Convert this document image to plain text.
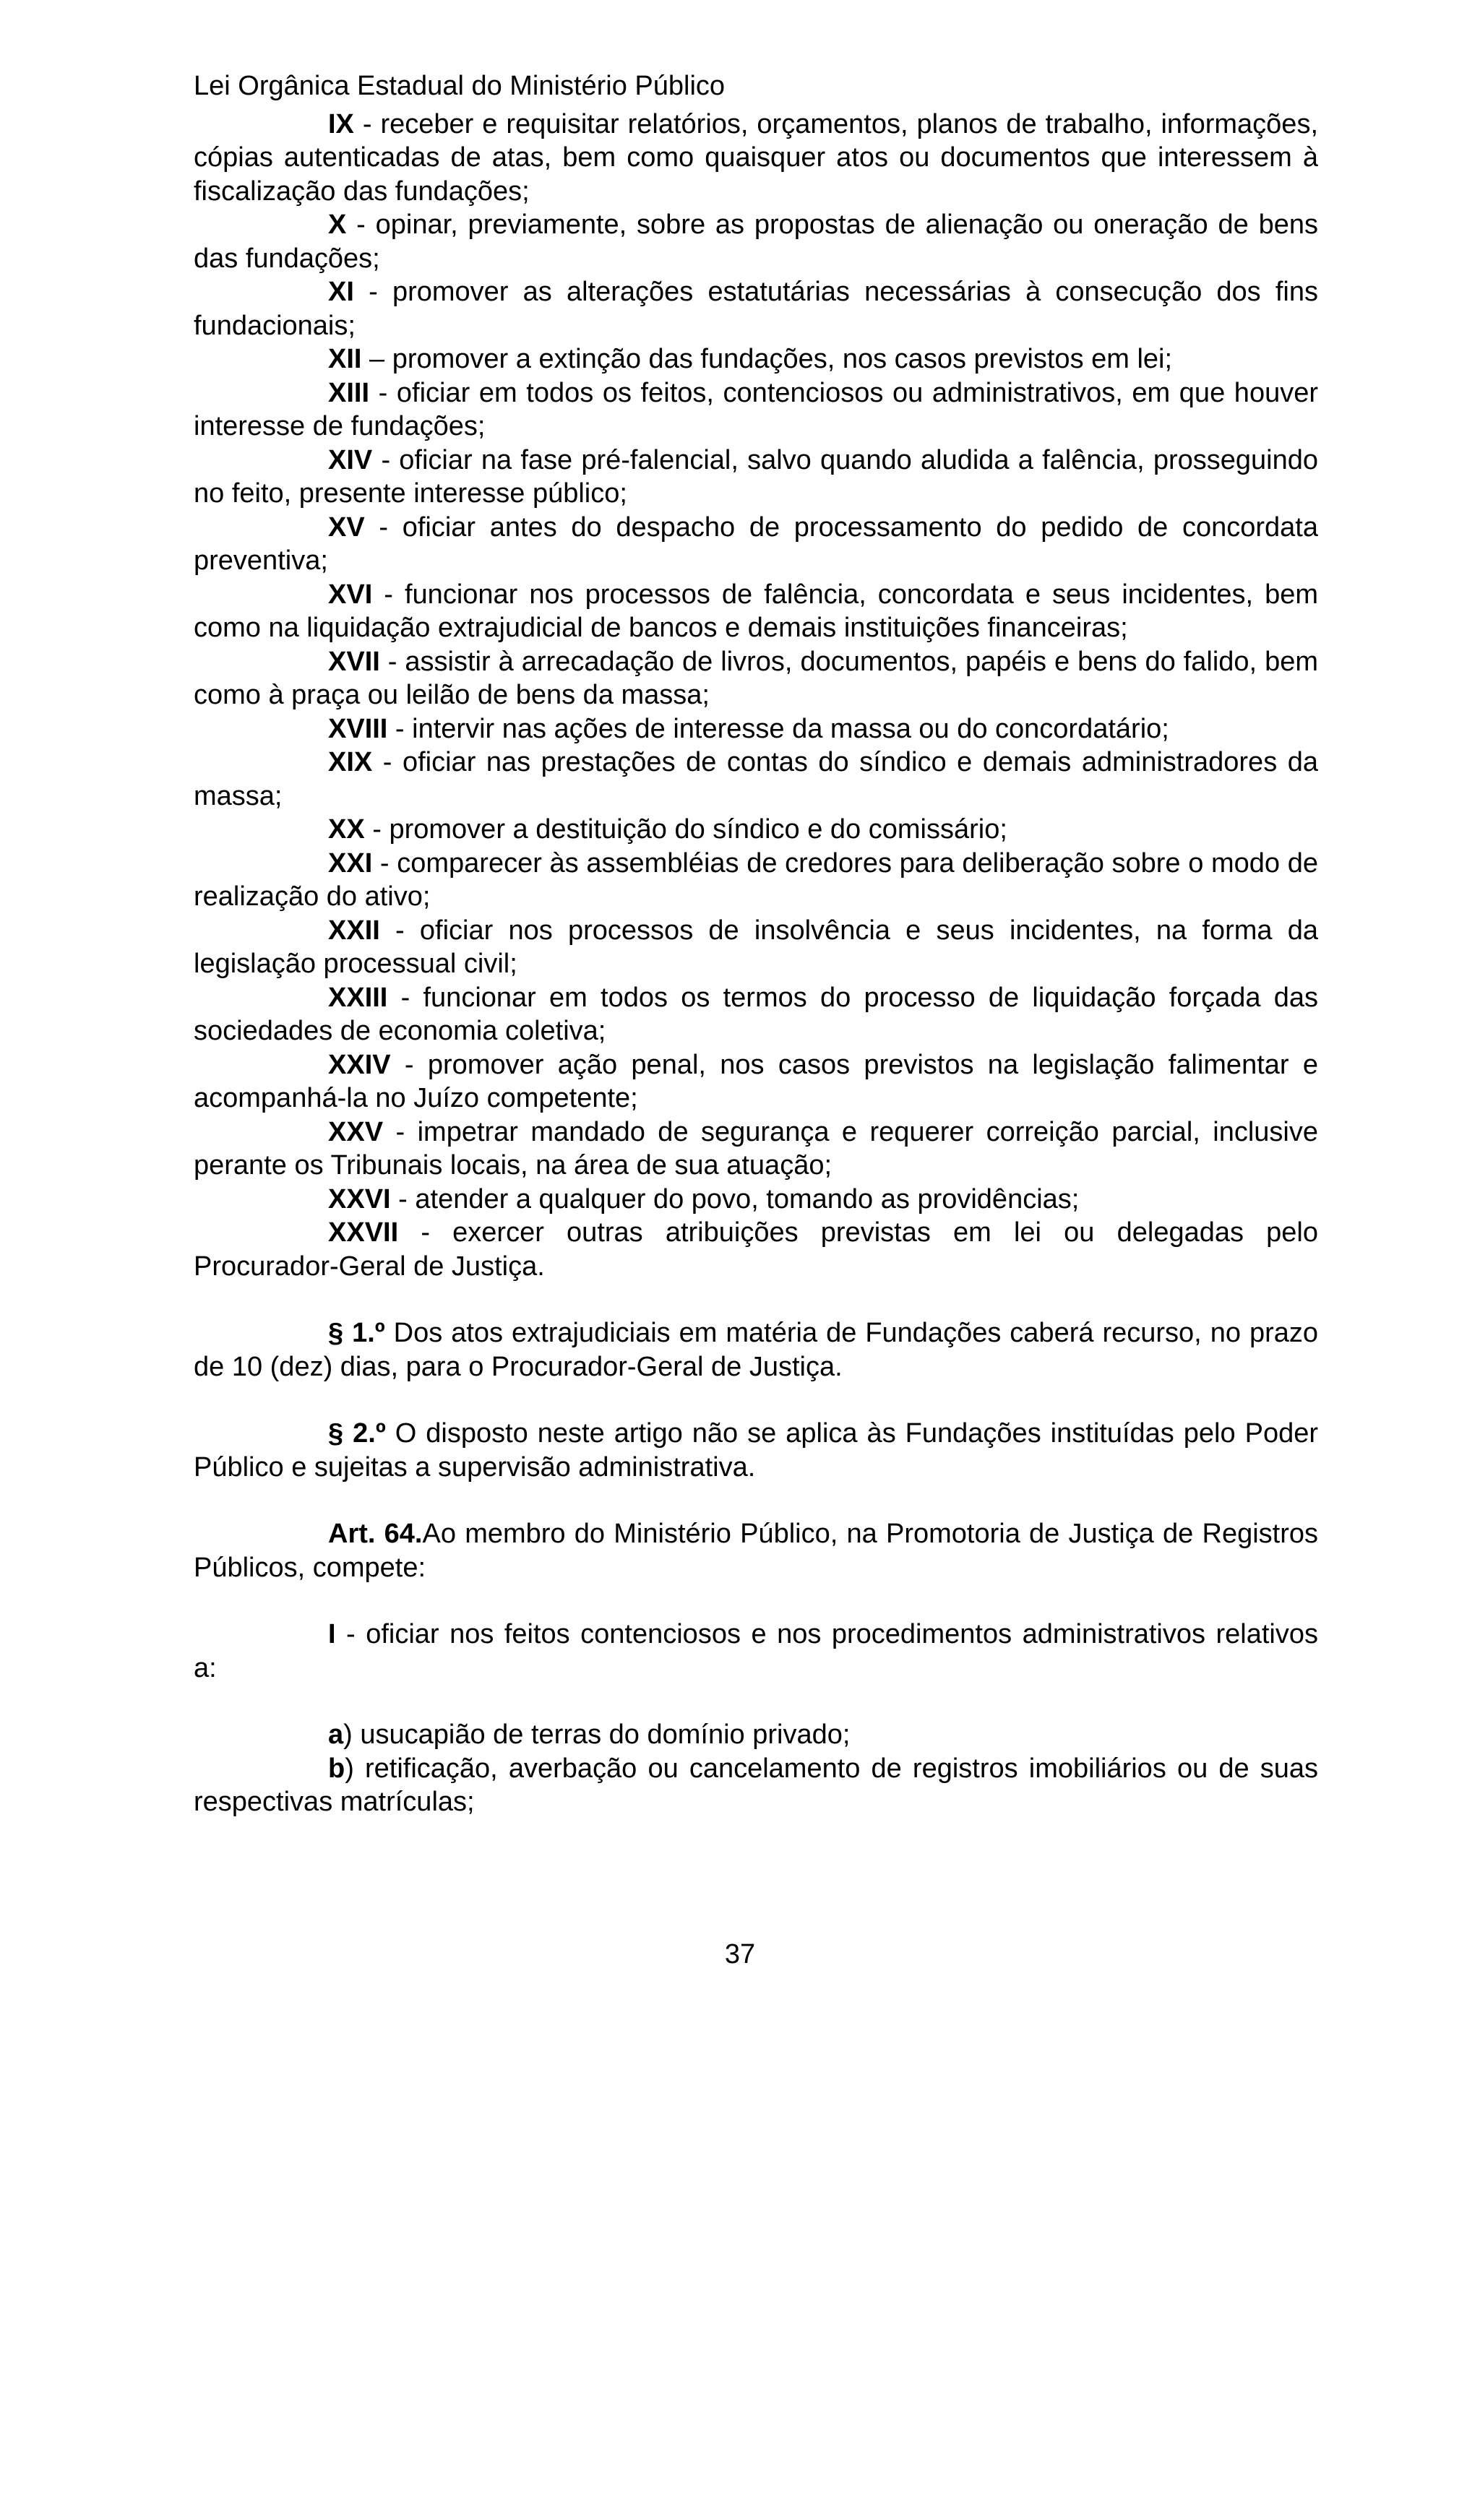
Lei Orgânica Estadual do Ministério Público

IX - receber e requisitar relatórios, orçamentos, planos de trabalho, informações, cópias autenticadas de atas, bem como quaisquer atos ou documentos que interessem à fiscalização das fundações;

X - opinar, previamente, sobre as propostas de alienação ou oneração de bens das fundações;

XI - promover as alterações estatutárias necessárias à consecução dos fins fundacionais;

XII – promover a extinção das fundações, nos casos previstos em lei;

XIII - oficiar em todos os feitos, contenciosos ou administrativos, em que houver interesse de fundações;

XIV - oficiar na fase pré-falencial, salvo quando aludida a falência, prosseguindo no feito, presente interesse público;

XV - oficiar antes do despacho de processamento do pedido de concordata preventiva;

XVI - funcionar nos processos de falência, concordata e seus incidentes, bem como na liquidação extrajudicial de bancos e demais instituições financeiras;

XVII - assistir à arrecadação de livros, documentos, papéis e bens do falido, bem como à praça ou leilão de bens da massa;

XVIII - intervir nas ações de interesse da massa ou do concordatário;

XIX - oficiar nas prestações de contas do síndico e demais administradores da massa;

XX - promover a destituição do síndico e do comissário;

XXI - comparecer às assembléias de credores para deliberação sobre o modo de realização do ativo;

XXII - oficiar nos processos de insolvência e seus incidentes, na forma da legislação processual civil;

XXIII - funcionar em todos os termos do processo de liquidação forçada das sociedades de economia coletiva;

XXIV - promover ação penal, nos casos previstos na legislação falimentar e acompanhá-la no Juízo competente;

XXV - impetrar mandado de segurança e requerer correição parcial, inclusive perante os Tribunais locais, na área de sua atuação;

XXVI - atender a qualquer do povo, tomando as providências;

XXVII - exercer outras atribuições previstas em lei ou delegadas pelo Procurador-Geral de Justiça.

§ 1.º Dos atos extrajudiciais em matéria de Fundações caberá recurso, no prazo de 10 (dez) dias, para o Procurador-Geral de Justiça.

§ 2.º O disposto neste artigo não se aplica às Fundações instituídas pelo Poder Público e sujeitas a supervisão administrativa.

Art. 64.Ao membro do Ministério Público, na Promotoria de Justiça de Registros Públicos, compete:

I - oficiar nos feitos contenciosos e nos procedimentos administrativos relativos a:

a) usucapião de terras do domínio privado;

b) retificação, averbação ou cancelamento de registros imobiliários ou de suas respectivas matrículas;

37
